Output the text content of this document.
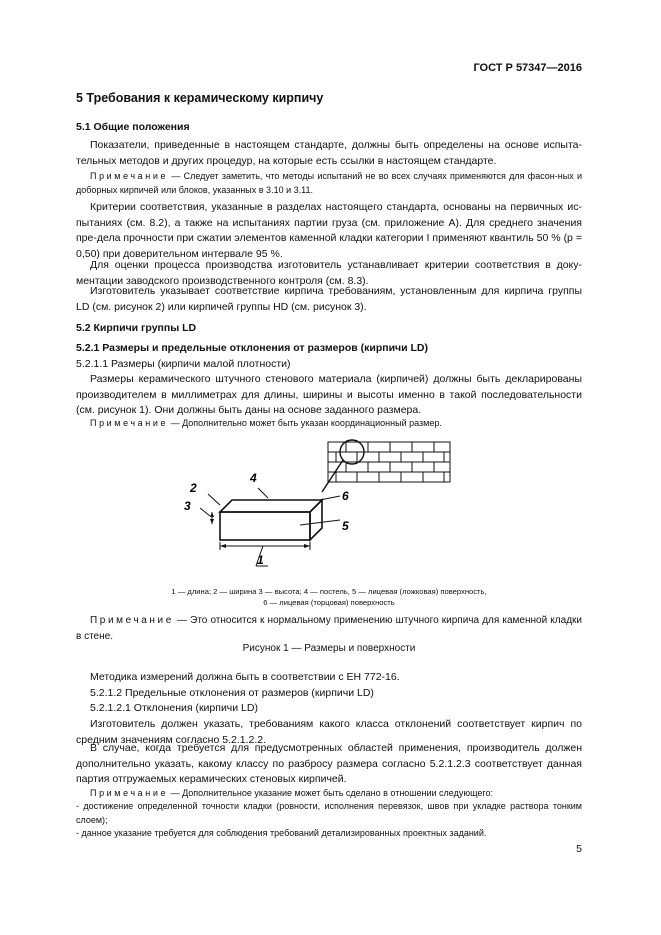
ГОСТ Р 57347—2016
5 Требования к керамическому кирпичу
5.1 Общие положения
Показатели, приведенные в настоящем стандарте, должны быть определены на основе испыта-тельных методов и других процедур, на которые есть ссылки в настоящем стандарте.
Примечание — Следует заметить, что методы испытаний не во всех случаях применяются для фасон-ных и доборных кирпичей или блоков, указанных в 3.10 и 3.11.
Критерии соответствия, указанные в разделах настоящего стандарта, основаны на первичных ис-пытаниях (см. 8.2), а также на испытаниях партии груза (см. приложение А). Для среднего значения пре-дела прочности при сжатии элементов каменной кладки категории I применяют квантиль 50 % (p = 0,50) при доверительном интервале 95 %.
Для оценки процесса производства изготовитель устанавливает критерии соответствия в доку-ментации заводского производственного контроля (см. 8.3).
Изготовитель указывает соответствие кирпича требованиям, установленным для кирпича группы LD (см. рисунок 2) или кирпичей группы HD (см. рисунок 3).
5.2 Кирпичи группы LD
5.2.1 Размеры и предельные отклонения от размеров (кирпичи LD)
5.2.1.1 Размеры (кирпичи малой плотности)
Размеры керамического штучного стенового материала (кирпичей) должны быть декларированы производителем в миллиметрах для длины, ширины и высоты именно в такой последовательности (см. рисунок 1). Они должны быть даны на основе заданного размера.
Примечание — Дополнительно может быть указан координационный размер.
2
3
4
6
5
1
1 — длина; 2 — ширина 3 — высота; 4 — постель, 5 — лицевая (ложковая) поверхность,
6 — лицевая (торцовая) поверхность
Примечание — Это относится к нормальному применению штучного кирпича для каменной кладки в стене.
Рисунок 1 — Размеры и поверхности
Методика измерений должна быть в соответствии с ЕН 772-16.
5.2.1.2 Предельные отклонения от размеров (кирпичи LD)
5.2.1.2.1 Отклонения (кирпичи LD)
Изготовитель должен указать, требованиям какого класса отклонений соответствует кирпич по средним значениям согласно 5.2.1.2.2.
В случае, когда требуется для предусмотренных областей применения, производитель должен дополнительно указать, какому классу по разбросу размера согласно 5.2.1.2.3 соответствует данная партия отгружаемых керамических стеновых кирпичей.
Примечание — Дополнительное указание может быть сделано в отношении следующего:
- достижение определенной точности кладки (ровности, исполнения перевязок, швов при укладке раствора тонким слоем);
- данное указание требуется для соблюдения требований детализированных проектных заданий.
5
